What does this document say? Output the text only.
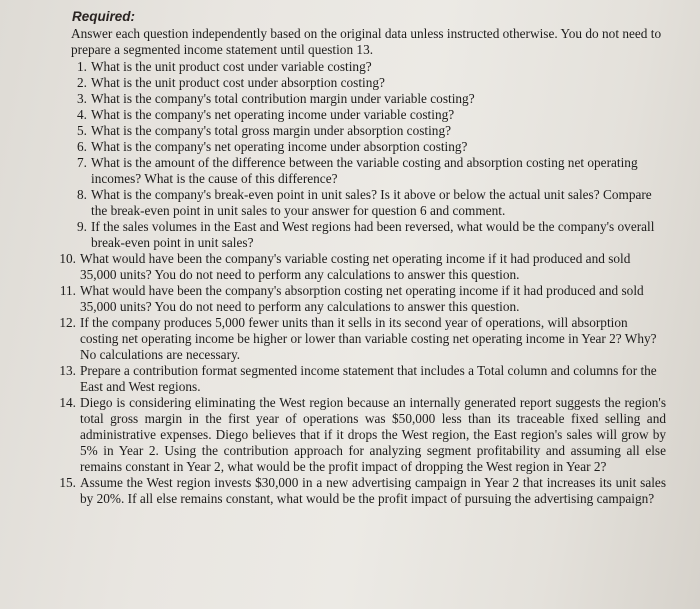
Required:
Answer each question independently based on the original data unless instructed otherwise. You do not need to prepare a segmented income statement until question 13.
1. What is the unit product cost under variable costing?
2. What is the unit product cost under absorption costing?
3. What is the company's total contribution margin under variable costing?
4. What is the company's net operating income under variable costing?
5. What is the company's total gross margin under absorption costing?
6. What is the company's net operating income under absorption costing?
7. What is the amount of the difference between the variable costing and absorption costing net operating incomes? What is the cause of this difference?
8. What is the company's break-even point in unit sales? Is it above or below the actual unit sales? Compare the break-even point in unit sales to your answer for question 6 and comment.
9. If the sales volumes in the East and West regions had been reversed, what would be the company's overall break-even point in unit sales?
10. What would have been the company's variable costing net operating income if it had produced and sold 35,000 units? You do not need to perform any calculations to answer this question.
11. What would have been the company's absorption costing net operating income if it had produced and sold 35,000 units? You do not need to perform any calculations to answer this question.
12. If the company produces 5,000 fewer units than it sells in its second year of operations, will absorption costing net operating income be higher or lower than variable costing net operating income in Year 2? Why? No calculations are necessary.
13. Prepare a contribution format segmented income statement that includes a Total column and columns for the East and West regions.
14. Diego is considering eliminating the West region because an internally generated report suggests the region's total gross margin in the first year of operations was $50,000 less than its traceable fixed selling and administrative expenses. Diego believes that if it drops the West region, the East region's sales will grow by 5% in Year 2. Using the contribution approach for analyzing segment profitability and assuming all else remains constant in Year 2, what would be the profit impact of dropping the West region in Year 2?
15. Assume the West region invests $30,000 in a new advertising campaign in Year 2 that increases its unit sales by 20%. If all else remains constant, what would be the profit impact of pursuing the advertising campaign?
